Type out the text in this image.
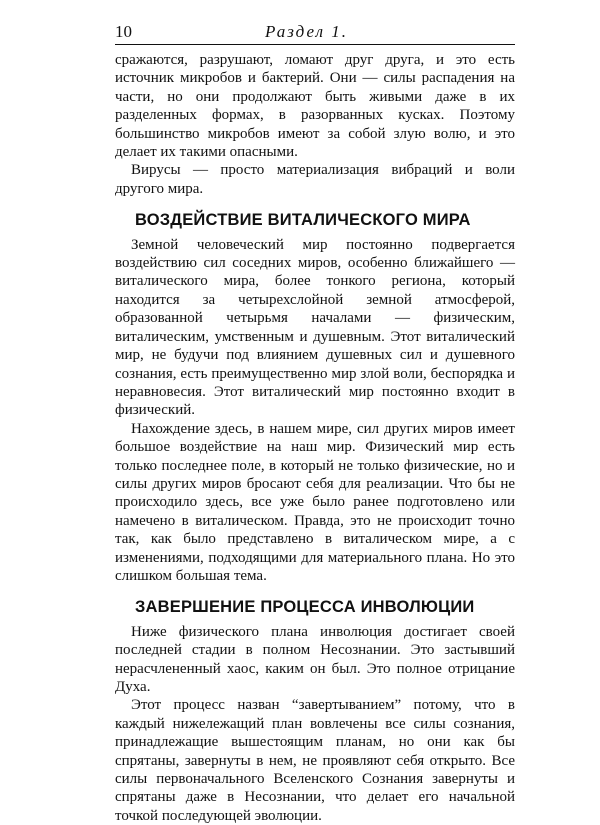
10	Раздел 1.

сражаются, разрушают, ломают друг друга, и это есть источник микробов и бактерий. Они — силы распадения на части, но они продолжают быть живыми даже в их разделенных формах, в разорванных кусках. Поэтому большинство микробов имеют за собой злую волю, и это делает их такими опасными.

Вирусы — просто материализация вибраций и воли другого мира.

ВОЗДЕЙСТВИЕ ВИТАЛИЧЕСКОГО МИРА

Земной человеческий мир постоянно подвергается воздействию сил соседних миров, особенно ближайшего — виталического мира, более тонкого региона, который находится за четырехслойной земной атмосферой, образованной четырьмя началами — физическим, виталическим, умственным и душевным. Этот виталический мир, не будучи под влиянием душевных сил и душевного сознания, есть преимущественно мир злой воли, беспорядка и неравновесия. Этот виталический мир постоянно входит в физический.

Нахождение здесь, в нашем мире, сил других миров имеет большое воздействие на наш мир. Физический мир есть только последнее поле, в который не только физические, но и силы других миров бросают себя для реализации. Что бы не происходило здесь, все уже было ранее подготовлено или намечено в виталическом. Правда, это не происходит точно так, как было представлено в виталическом мире, а с изменениями, подходящими для материального плана. Но это слишком большая тема.

ЗАВЕРШЕНИЕ ПРОЦЕССА ИНВОЛЮЦИИ

Ниже физического плана инволюция достигает своей последней стадии в полном Несознании. Это застывший нерасчлененный хаос, каким он был. Это полное отрицание Духа.

Этот процесс назван “завертыванием” потому, что в каждый нижележащий план вовлечены все силы сознания, принадлежащие вышестоящим планам, но они как бы спрятаны, завернуты в нем, не проявляют себя открыто. Все силы первоначального Вселенского Сознания завернуты и спрятаны даже в Несознании, что делает его начальной точкой последующей эволюции.
